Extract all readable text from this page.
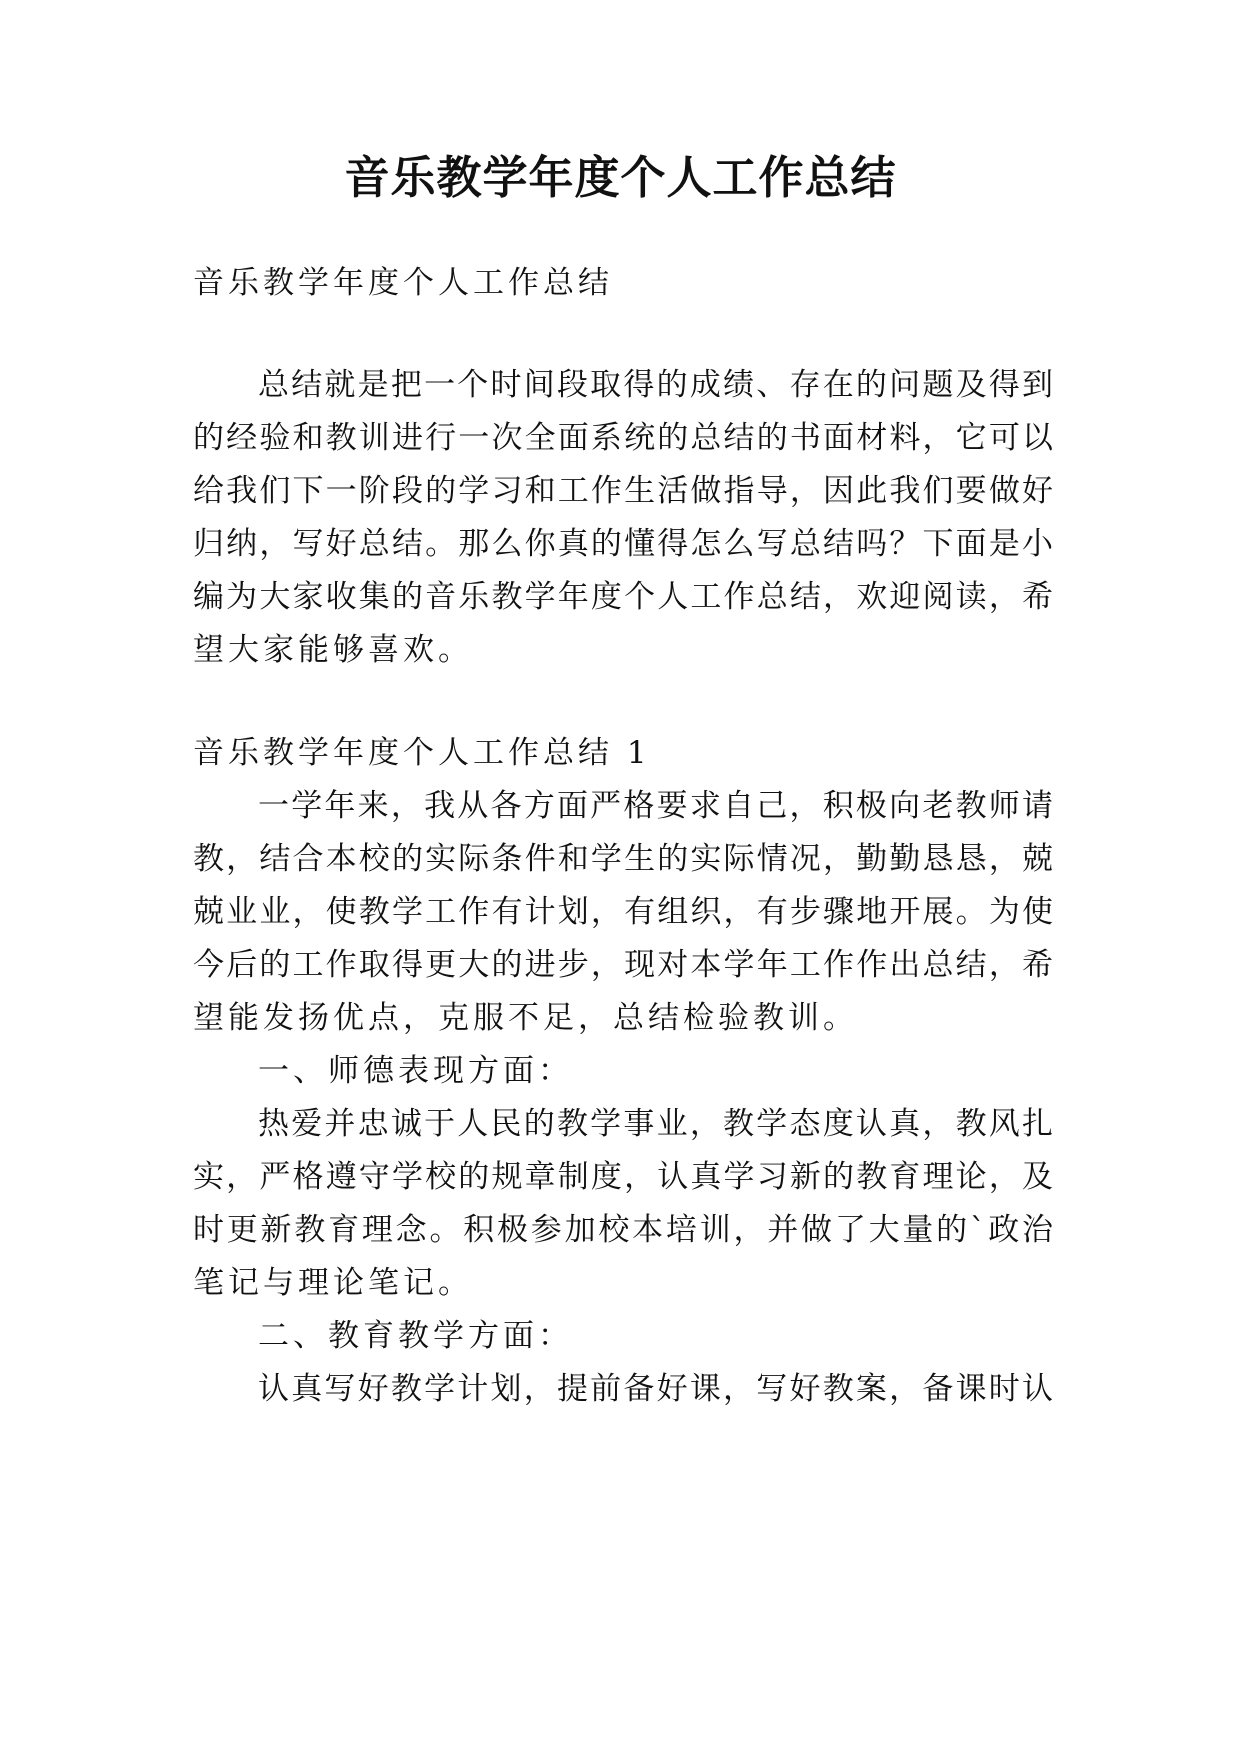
音乐教学年度个人工作总结
音乐教学年度个人工作总结
总结就是把一个时间段取得的成绩、存在的问题及得到
的经验和教训进行一次全面系统的总结的书面材料，它可以
给我们下一阶段的学习和工作生活做指导，因此我们要做好
归纳，写好总结。那么你真的懂得怎么写总结吗？下面是小
编为大家收集的音乐教学年度个人工作总结，欢迎阅读，希
望大家能够喜欢。
音乐教学年度个人工作总结 1
一学年来，我从各方面严格要求自己，积极向老教师请
教，结合本校的实际条件和学生的实际情况，勤勤恳恳，兢
兢业业，使教学工作有计划，有组织，有步骤地开展。为使
今后的工作取得更大的进步，现对本学年工作作出总结，希
望能发扬优点，克服不足，总结检验教训。
一、师德表现方面：
热爱并忠诚于人民的教学事业，教学态度认真，教风扎
实，严格遵守学校的规章制度，认真学习新的教育理论，及
时更新教育理念。积极参加校本培训，并做了大量的`政治
笔记与理论笔记。
二、教育教学方面：
认真写好教学计划，提前备好课，写好教案，备课时认
